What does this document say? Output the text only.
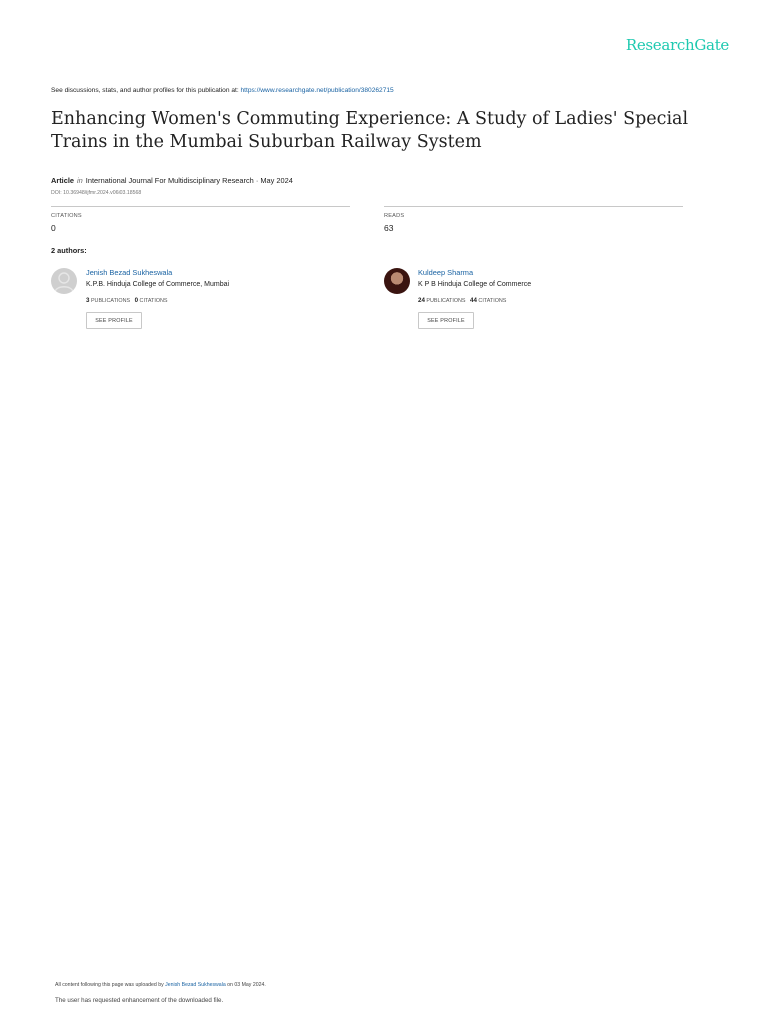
ResearchGate
See discussions, stats, and author profiles for this publication at: https://www.researchgate.net/publication/380262715
Enhancing Women's Commuting Experience: A Study of Ladies' Special Trains in the Mumbai Suburban Railway System
Article in International Journal For Multidisciplinary Research · May 2024
DOI: 10.36948/ijfmr.2024.v06i03.18568
CITATIONS
0
READS
63
2 authors:
Jenish Bezad Sukheswala
K.P.B. Hinduja College of Commerce, Mumbai
3 PUBLICATIONS 0 CITATIONS
SEE PROFILE
Kuldeep Sharma
K P B Hinduja College of Commerce
24 PUBLICATIONS 44 CITATIONS
SEE PROFILE
All content following this page was uploaded by Jenish Bezad Sukheswala on 03 May 2024.
The user has requested enhancement of the downloaded file.
